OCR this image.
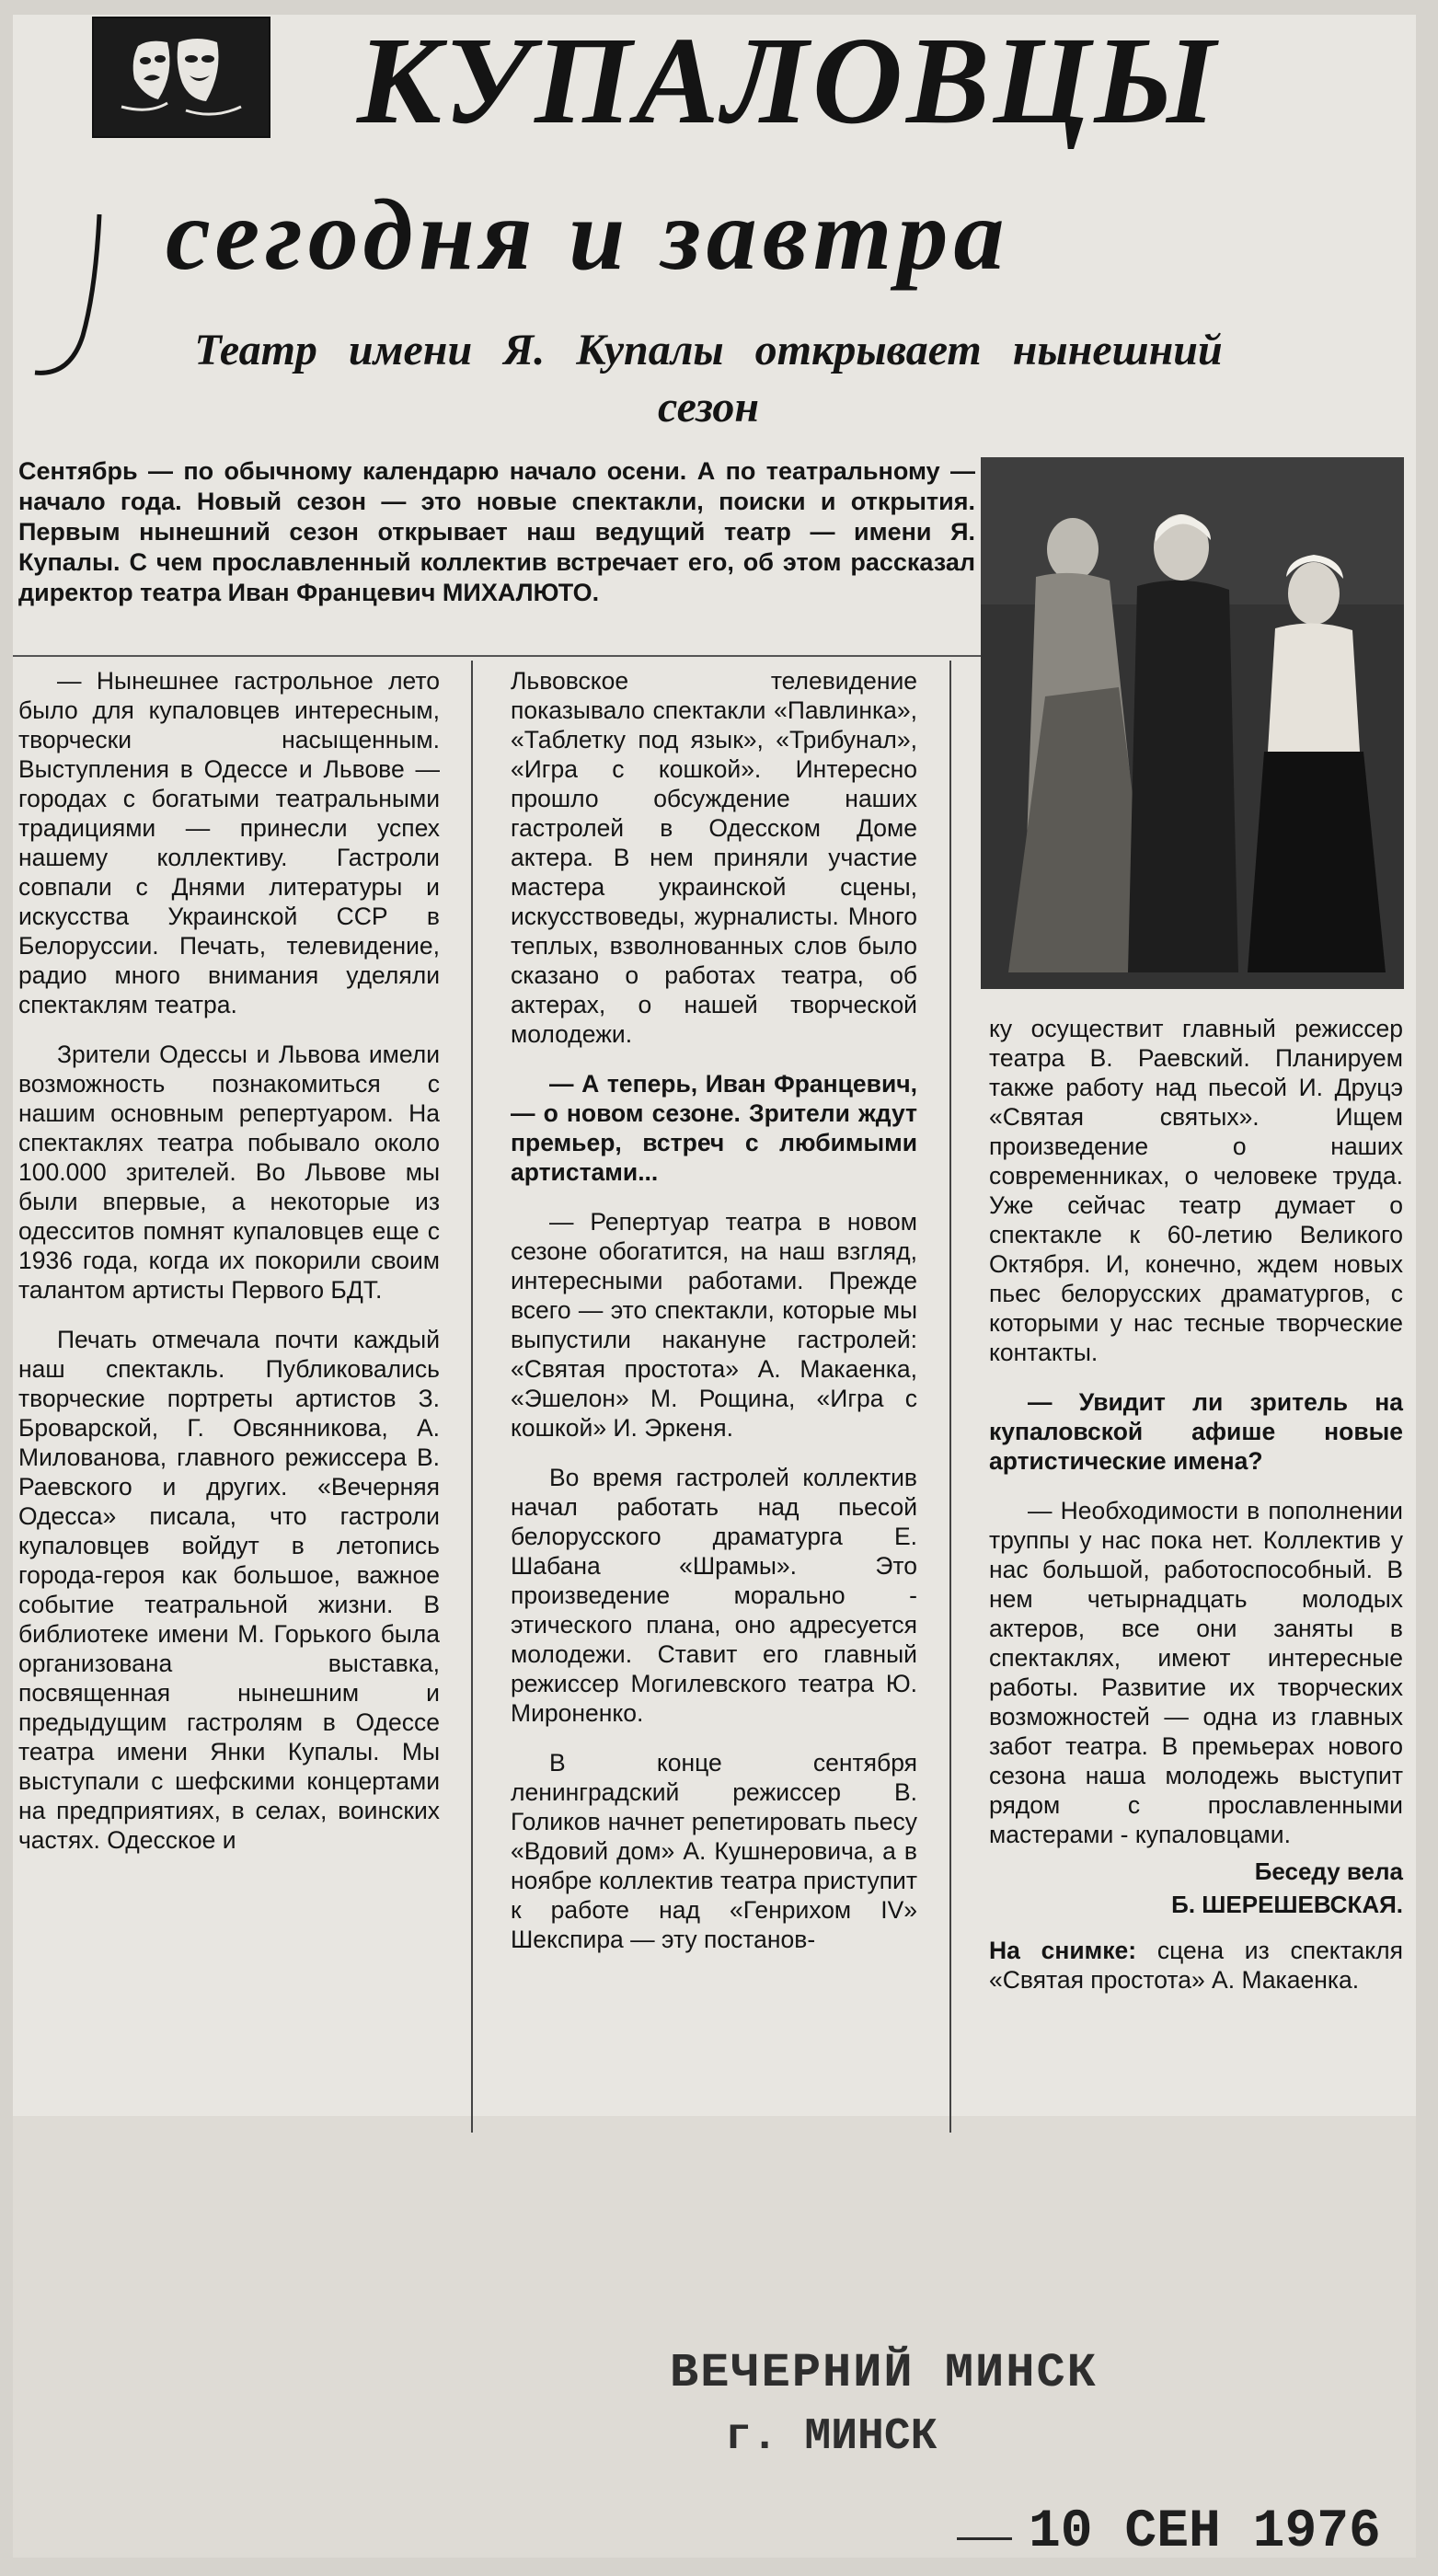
КУПАЛОВЦЫ
сегодня и завтра
Театр имени Я. Купалы открывает нынешний сезон

Сентябрь — по обычному календарю начало осени. А по театральному — начало года. Новый сезон — это новые спектакли, поиски и открытия. Первым нынешний сезон открывает наш ведущий театр — имени Я. Купалы. С чем прославленный коллектив встречает его, об этом рассказал директор театра Иван Францевич МИХАЛЮТО.

— Нынешнее гастрольное лето было для купаловцев интересным, творчески насыщенным. Выступления в Одессе и Львове — городах с богатыми театральными традициями — принесли успех нашему коллективу. Гастроли совпали с Днями литературы и искусства Украинской ССР в Белоруссии. Печать, телевидение, радио много внимания уделяли спектаклям театра.

Зрители Одессы и Львова имели возможность познакомиться с нашим основным репертуаром. На спектаклях театра побывало около 100.000 зрителей. Во Львове мы были впервые, а некоторые из одесситов помнят купаловцев еще с 1936 года, когда их покорили своим талантом артисты Первого БДТ.

Печать отмечала почти каждый наш спектакль. Публиковались творческие портреты артистов З. Броварской, Г. Овсянникова, А. Милованова, главного режиссера В. Раевского и других. «Вечерняя Одесса» писала, что гастроли купаловцев войдут в летопись города-героя как большое, важное событие театральной жизни. В библиотеке имени М. Горького была организована выставка, посвященная нынешним и предыдущим гастролям в Одессе театра имени Янки Купалы. Мы выступали с шефскими концертами на предприятиях, в селах, воинских частях. Одесское и

Львовское телевидение показывало спектакли «Павлинка», «Таблетку под язык», «Трибунал», «Игра с кошкой». Интересно прошло обсуждение наших гастролей в Одесском Доме актера. В нем приняли участие мастера украинской сцены, искусствоведы, журналисты. Много теплых, взволнованных слов было сказано о работах театра, об актерах, о нашей творческой молодежи.

— А теперь, Иван Францевич, — о новом сезоне. Зрители ждут премьер, встреч с любимыми артистами...

— Репертуар театра в новом сезоне обогатится, на наш взгляд, интересными работами. Прежде всего — это спектакли, которые мы выпустили накануне гастролей: «Святая простота» А. Макаенка, «Эшелон» М. Рощина, «Игра с кошкой» И. Эркеня.

Во время гастролей коллектив начал работать над пьесой белорусского драматурга Е. Шабана «Шрамы». Это произведение морально - этического плана, оно адресуется молодежи. Ставит его главный режиссер Могилевского театра Ю. Мироненко.

В конце сентября ленинградский режиссер В. Голиков начнет репетировать пьесу «Вдовий дом» А. Кушнеровича, а в ноябре коллектив театра приступит к работе над «Генрихом IV» Шекспира — эту постанов-

ку осуществит главный режиссер театра В. Раевский. Планируем также работу над пьесой И. Друцэ «Святая святых». Ищем произведение о наших современниках, о человеке труда. Уже сейчас театр думает о спектакле к 60-летию Великого Октября. И, конечно, ждем новых пьес белорусских драматургов, с которыми у нас тесные творческие контакты.

— Увидит ли зритель на купаловской афише новые артистические имена?

— Необходимости в пополнении труппы у нас пока нет. Коллектив у нас большой, работоспособный. В нем четырнадцать молодых актеров, все они заняты в спектаклях, имеют интересные работы. Развитие их творческих возможностей — одна из главных забот театра. В премьерах нового сезона наша молодежь выступит рядом с прославленными мастерами - купаловцами.

Беседу вела
Б. ШЕРЕШЕВСКАЯ.
На снимке: сцена из спектакля «Святая простота» А. Макаенка.
ВЕЧЕРНИЙ МИНСК
г. МИНСК
10 СЕН 1976
